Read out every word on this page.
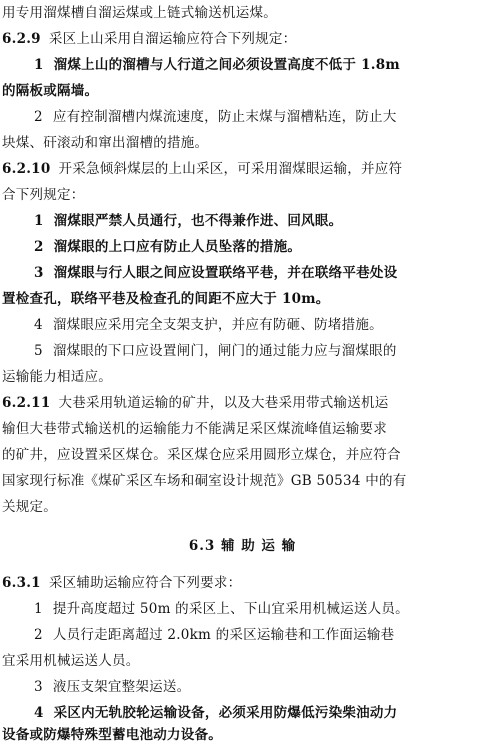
用专用溜煤槽自溜运煤或上链式输送机运煤。
6.2.9 采区上山采用自溜运输应符合下列规定：
1 溜煤上山的溜槽与人行道之间必须设置高度不低于 1.8m
的隔板或隔墙。
2 应有控制溜槽内煤流速度，防止末煤与溜槽粘连，防止大
块煤、矸滚动和窜出溜槽的措施。
6.2.10 开采急倾斜煤层的上山采区，可采用溜煤眼运输，并应符
合下列规定：
1 溜煤眼严禁人员通行，也不得兼作进、回风眼。
2 溜煤眼的上口应有防止人员坠落的措施。
3 溜煤眼与行人眼之间应设置联络平巷，并在联络平巷处设
置检查孔，联络平巷及检查孔的间距不应大于 10m。
4 溜煤眼应采用完全支架支护，并应有防砸、防堵措施。
5 溜煤眼的下口应设置闸门，闸门的通过能力应与溜煤眼的
运输能力相适应。
6.2.11 大巷采用轨道运输的矿井，以及大巷采用带式输送机运
输但大巷带式输送机的运输能力不能满足采区煤流峰值运输要求
的矿井，应设置采区煤仓。采区煤仓应采用圆形立煤仓，并应符合
国家现行标准《煤矿采区车场和硐室设计规范》GB 50534 中的有
关规定。
6.3 辅 助 运 输
6.3.1 采区辅助运输应符合下列要求：
1 提升高度超过 50m 的采区上、下山宜采用机械运送人员。
2 人员行走距离超过 2.0km 的采区运输巷和工作面运输巷
宜采用机械运送人员。
3 液压支架宜整架运送。
4 采区内无轨胶轮运输设备，必须采用防爆低污染柴油动力
设备或防爆特殊型蓄电池动力设备。
